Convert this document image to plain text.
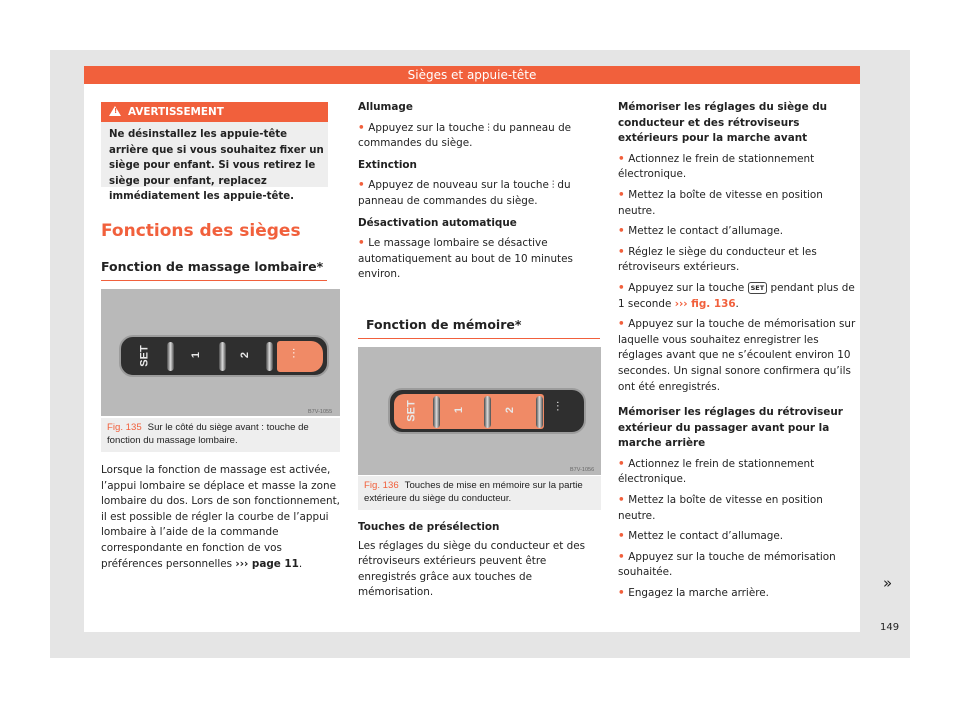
Sièges et appuie-tête
! AVERTISSEMENT
Ne désinstallez les appuie-tête arrière que si vous souhaitez fixer un siège pour enfant. Si vous retirez le siège pour enfant, replacez immédiatement les appuie-tête.
Fonctions des sièges
Fonction de massage lombaire*
SET	1	2	⫶
B7V-1055
Fig. 135 Sur le côté du siège avant : touche de fonction du massage lombaire.

Lorsque la fonction de massage est activée, l’appui lombaire se déplace et masse la zone lombaire du dos. Lors de son fonctionnement, il est possible de régler la courbe de l’appui lombaire à l’aide de la commande correspondante en fonction de vos préférences personnelles ››› page 11.

Allumage

• Appuyez sur la touche ⫶ du panneau de commandes du siège.

Extinction

• Appuyez de nouveau sur la touche ⫶ du panneau de commandes du siège.

Désactivation automatique

• Le massage lombaire se désactive automatiquement au bout de 10 minutes environ.

Fonction de mémoire*
SET	1	2	⫶
B7V-1056
Fig. 136 Touches de mise en mémoire sur la partie extérieure du siège du conducteur.

Touches de présélection

Les réglages du siège du conducteur et des rétroviseurs extérieurs peuvent être enregistrés grâce aux touches de mémorisation.

Mémoriser les réglages du siège du conducteur et des rétroviseurs extérieurs pour la marche avant

• Actionnez le frein de stationnement électronique.

• Mettez la boîte de vitesse en position neutre.

• Mettez le contact d’allumage.

• Réglez le siège du conducteur et les rétroviseurs extérieurs.

• Appuyez sur la touche SET pendant plus de 1 seconde ››› fig. 136.

• Appuyez sur la touche de mémorisation sur laquelle vous souhaitez enregistrer les réglages avant que ne s’écoulent environ 10 secondes. Un signal sonore confirmera qu’ils ont été enregistrés.

Mémoriser les réglages du rétroviseur extérieur du passager avant pour la marche arrière

• Actionnez le frein de stationnement électronique.

• Mettez la boîte de vitesse en position neutre.

• Mettez le contact d’allumage.

• Appuyez sur la touche de mémorisation souhaitée.

• Engagez la marche arrière.

»
149
